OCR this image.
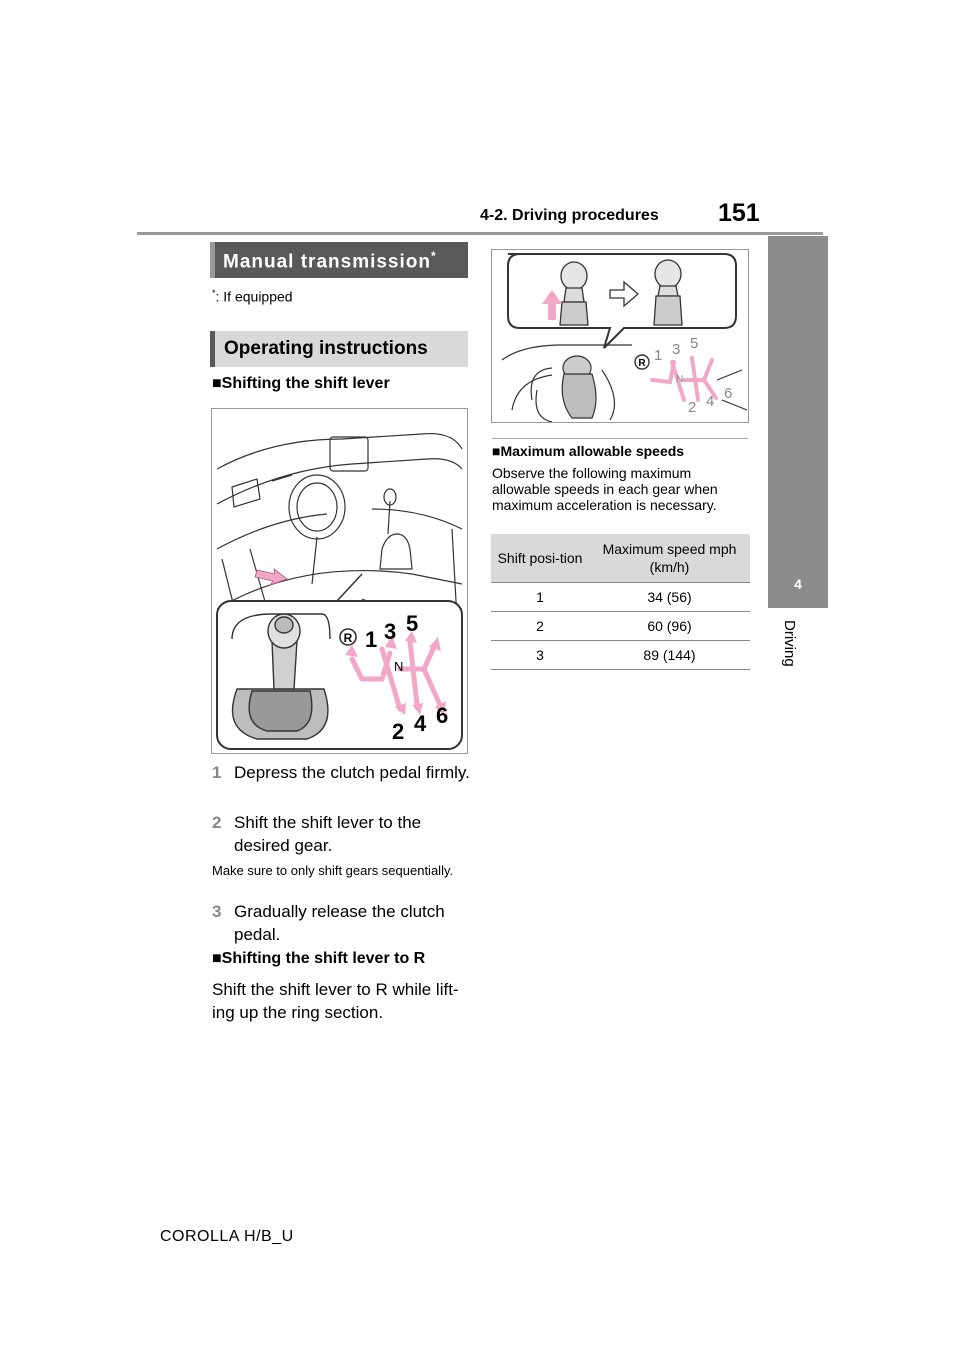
4-2. Driving procedures 151
4
Driving
Manual transmission*
*: If equipped
Operating instructions
■Shifting the shift lever
R 1 3 5
N
2 4 6
1 Depress the clutch pedal firmly.
2 Shift the shift lever to the desired gear.
Make sure to only shift gears sequentially.
3 Gradually release the clutch pedal.
■Shifting the shift lever to R
Shift the shift lever to R while lift-ing up the ring section.
R 1 3 5
N
2 4 6
■Maximum allowable speeds
Observe the following maximum allowable speeds in each gear when maximum acceleration is necessary.
Shift posi-tion	Maximum speed mph (km/h)
1	34 (56)
2	60 (96)
3	89 (144)
COROLLA H/B_U
